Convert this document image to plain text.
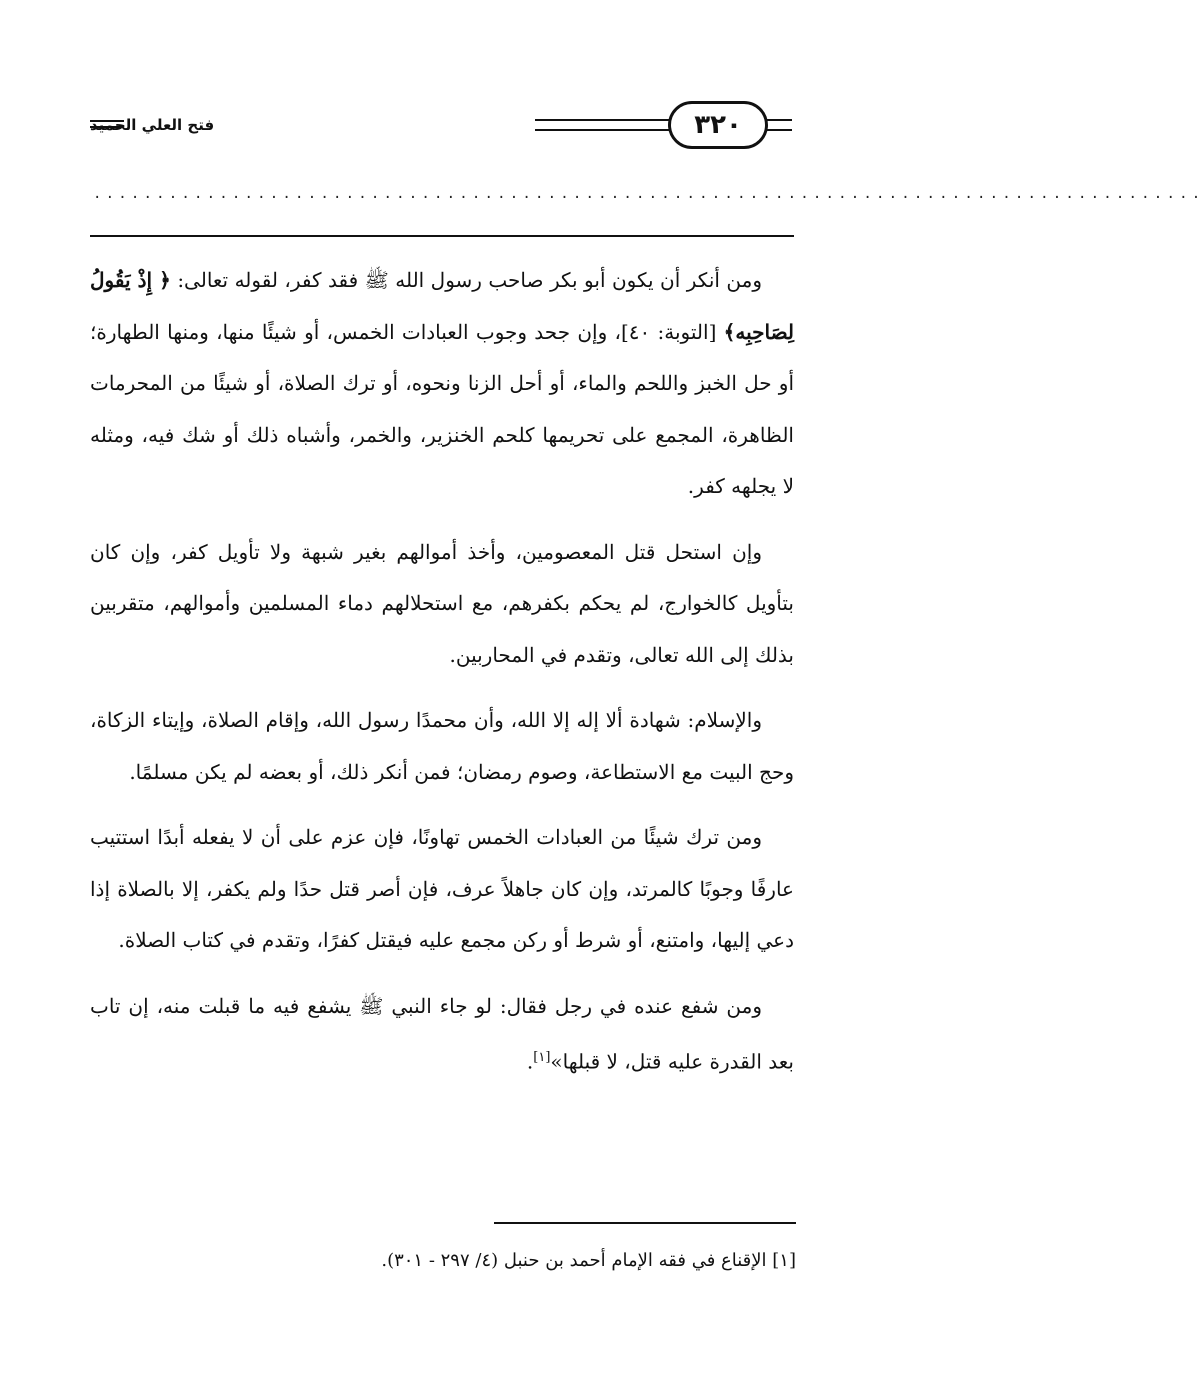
فتح العلي الحميد	٣٢٠
........................................................................................

ومن أنكر أن يكون أبو بكر صاحب رسول الله ﷺ فقد كفر، لقوله تعالى: ﴿ إِذْ يَقُولُ لِصَاحِبِه﴾ [التوبة: ٤٠]، وإن جحد وجوب العبادات الخمس، أو شيئًا منها، ومنها الطهارة؛ أو حل الخبز واللحم والماء، أو أحل الزنا ونحوه، أو ترك الصلاة، أو شيئًا من المحرمات الظاهرة، المجمع على تحريمها كلحم الخنزير، والخمر، وأشباه ذلك أو شك فيه، ومثله لا يجلهه كفر.

وإن استحل قتل المعصومين، وأخذ أموالهم بغير شبهة ولا تأويل كفر، وإن كان بتأويل كالخوارج، لم يحكم بكفرهم، مع استحلالهم دماء المسلمين وأموالهم، متقربين بذلك إلى الله تعالى، وتقدم في المحاربين.

والإسلام: شهادة ألا إله إلا الله، وأن محمدًا رسول الله، وإقام الصلاة، وإيتاء الزكاة، وحج البيت مع الاستطاعة، وصوم رمضان؛ فمن أنكر ذلك، أو بعضه لم يكن مسلمًا.

ومن ترك شيئًا من العبادات الخمس تهاونًا، فإن عزم على أن لا يفعله أبدًا استتيب عارفًا وجوبًا كالمرتد، وإن كان جاهلاً عرف، فإن أصر قتل حدًا ولم يكفر، إلا بالصلاة إذا دعي إليها، وامتنع، أو شرط أو ركن مجمع عليه فيقتل كفرًا، وتقدم في كتاب الصلاة.

ومن شفع عنده في رجل فقال: لو جاء النبي ﷺ يشفع فيه ما قبلت منه، إن تاب بعد القدرة عليه قتل، لا قبلها»[١].

[١] الإقناع في فقه الإمام أحمد بن حنبل (٤/ ٢٩٧ - ٣٠١).
